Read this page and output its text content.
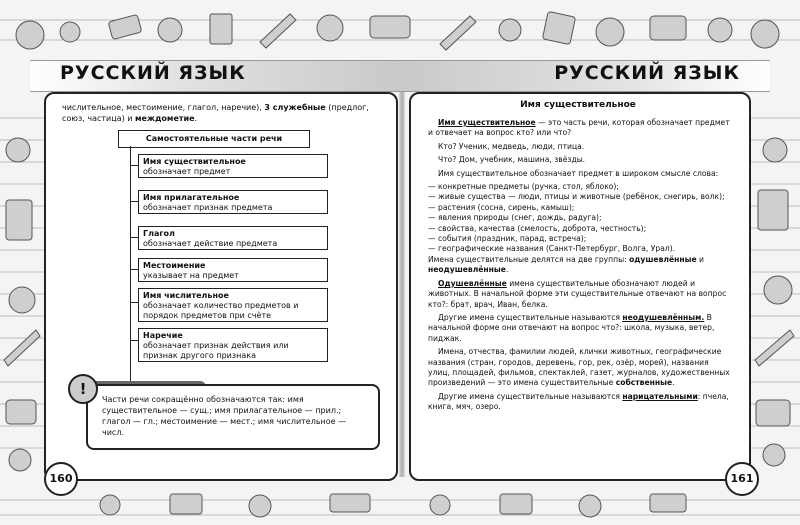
РУССКИЙ ЯЗЫК	РУССКИЙ ЯЗЫК
числительное, местоимение, глагол, наречие), 3 служебные (предлог, союз, частица) и междометие.
Самостоятельные части речи
Имя существительное
обозначает предмет
Имя прилагательное
обозначает признак предмета
Глагол
обозначает действие предмета
Местоимение
указывает на предмет
Имя числительное
обозначает количество предметов и порядок предметов при счёте
Наречие
обозначает признак действия или признак другого признака
!
Части речи сокращённо обозначаются так: имя существительное — сущ.; имя прилагательное — прил.; глагол — гл.; местоимение — мест.; имя числительное — числ.
Имя существительное

Имя существительное — это часть речи, которая обозначает предмет и отвечает на вопрос кто? или что?

Кто? Ученик, медведь, люди, птица.

Что? Дом, учебник, машина, звёзды.

Имя существительное обозначает предмет в широком смысле слова:

— конкретные предметы (ручка, стол, яблоко);
— живые существа — люди, птицы и животные (ребёнок, снегирь, волк);
— растения (сосна, сирень, камыш);
— явления природы (снег, дождь, радуга);
— свойства, качества (смелость, доброта, честность);
— события (праздник, парад, встреча);
— географические названия (Санкт-Петербург, Волга, Урал).

Имена существительные делятся на две группы: одушевлённые и неодушевлённые.

Одушевлённые имена существительные обозначают людей и животных. В начальной форме эти существительные отвечают на вопрос кто?: брат, врач, Иван, белка.

Другие имена существительные называются неодушевлённым. В начальной форме они отвечают на вопрос что?: школа, музыка, ветер, пиджак.

Имена, отчества, фамилии людей, клички животных, географические названия (стран, городов, деревень, гор, рек, озёр, морей), названия улиц, площадей, фильмов, спектаклей, газет, журналов, художественных произведений — это имена существительные собственные.

Другие имена существительные называются нарицательными: пчела, книга, мяч, озеро.

160	161
